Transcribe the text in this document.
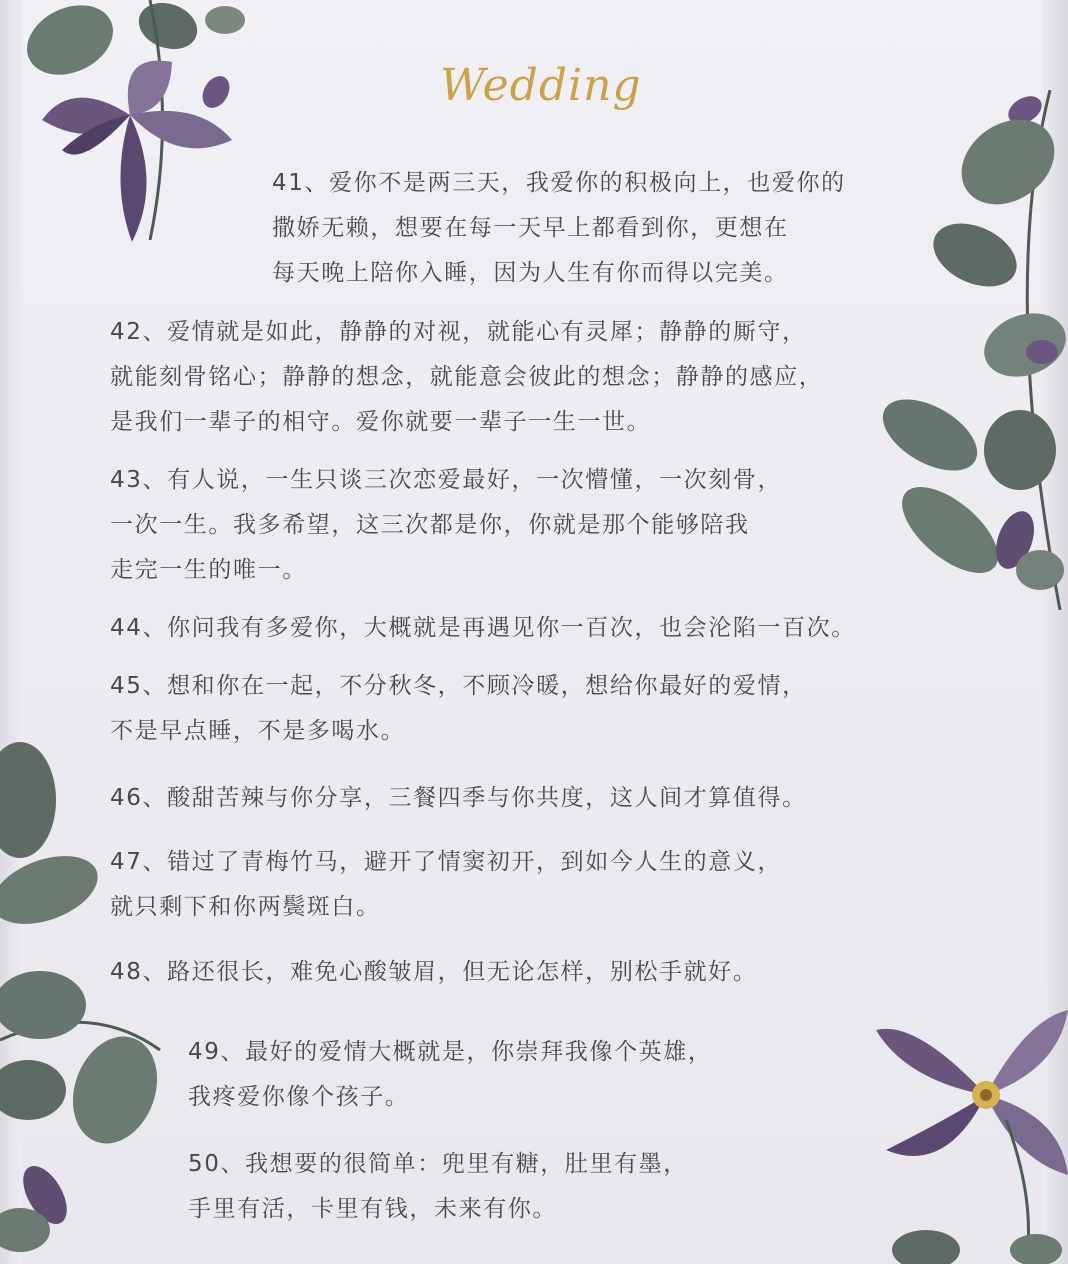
Wedding

41、爱你不是两三天，我爱你的积极向上，也爱你的
撒娇无赖，想要在每一天早上都看到你，更想在
每天晚上陪你入睡，因为人生有你而得以完美。

42、爱情就是如此，静静的对视，就能心有灵犀；静静的厮守，
就能刻骨铭心；静静的想念，就能意会彼此的想念；静静的感应，
是我们一辈子的相守。爱你就要一辈子一生一世。

43、有人说，一生只谈三次恋爱最好，一次懵懂，一次刻骨，
一次一生。我多希望，这三次都是你，你就是那个能够陪我
走完一生的唯一。

44、你问我有多爱你，大概就是再遇见你一百次，也会沦陷一百次。

45、想和你在一起，不分秋冬，不顾冷暖，想给你最好的爱情，
不是早点睡，不是多喝水。

46、酸甜苦辣与你分享，三餐四季与你共度，这人间才算值得。

47、错过了青梅竹马，避开了情窦初开，到如今人生的意义，
就只剩下和你两鬓斑白。

48、路还很长，难免心酸皱眉，但无论怎样，别松手就好。

49、最好的爱情大概就是，你崇拜我像个英雄，
我疼爱你像个孩子。

50、我想要的很简单：兜里有糖，肚里有墨，
手里有活，卡里有钱，未来有你。
